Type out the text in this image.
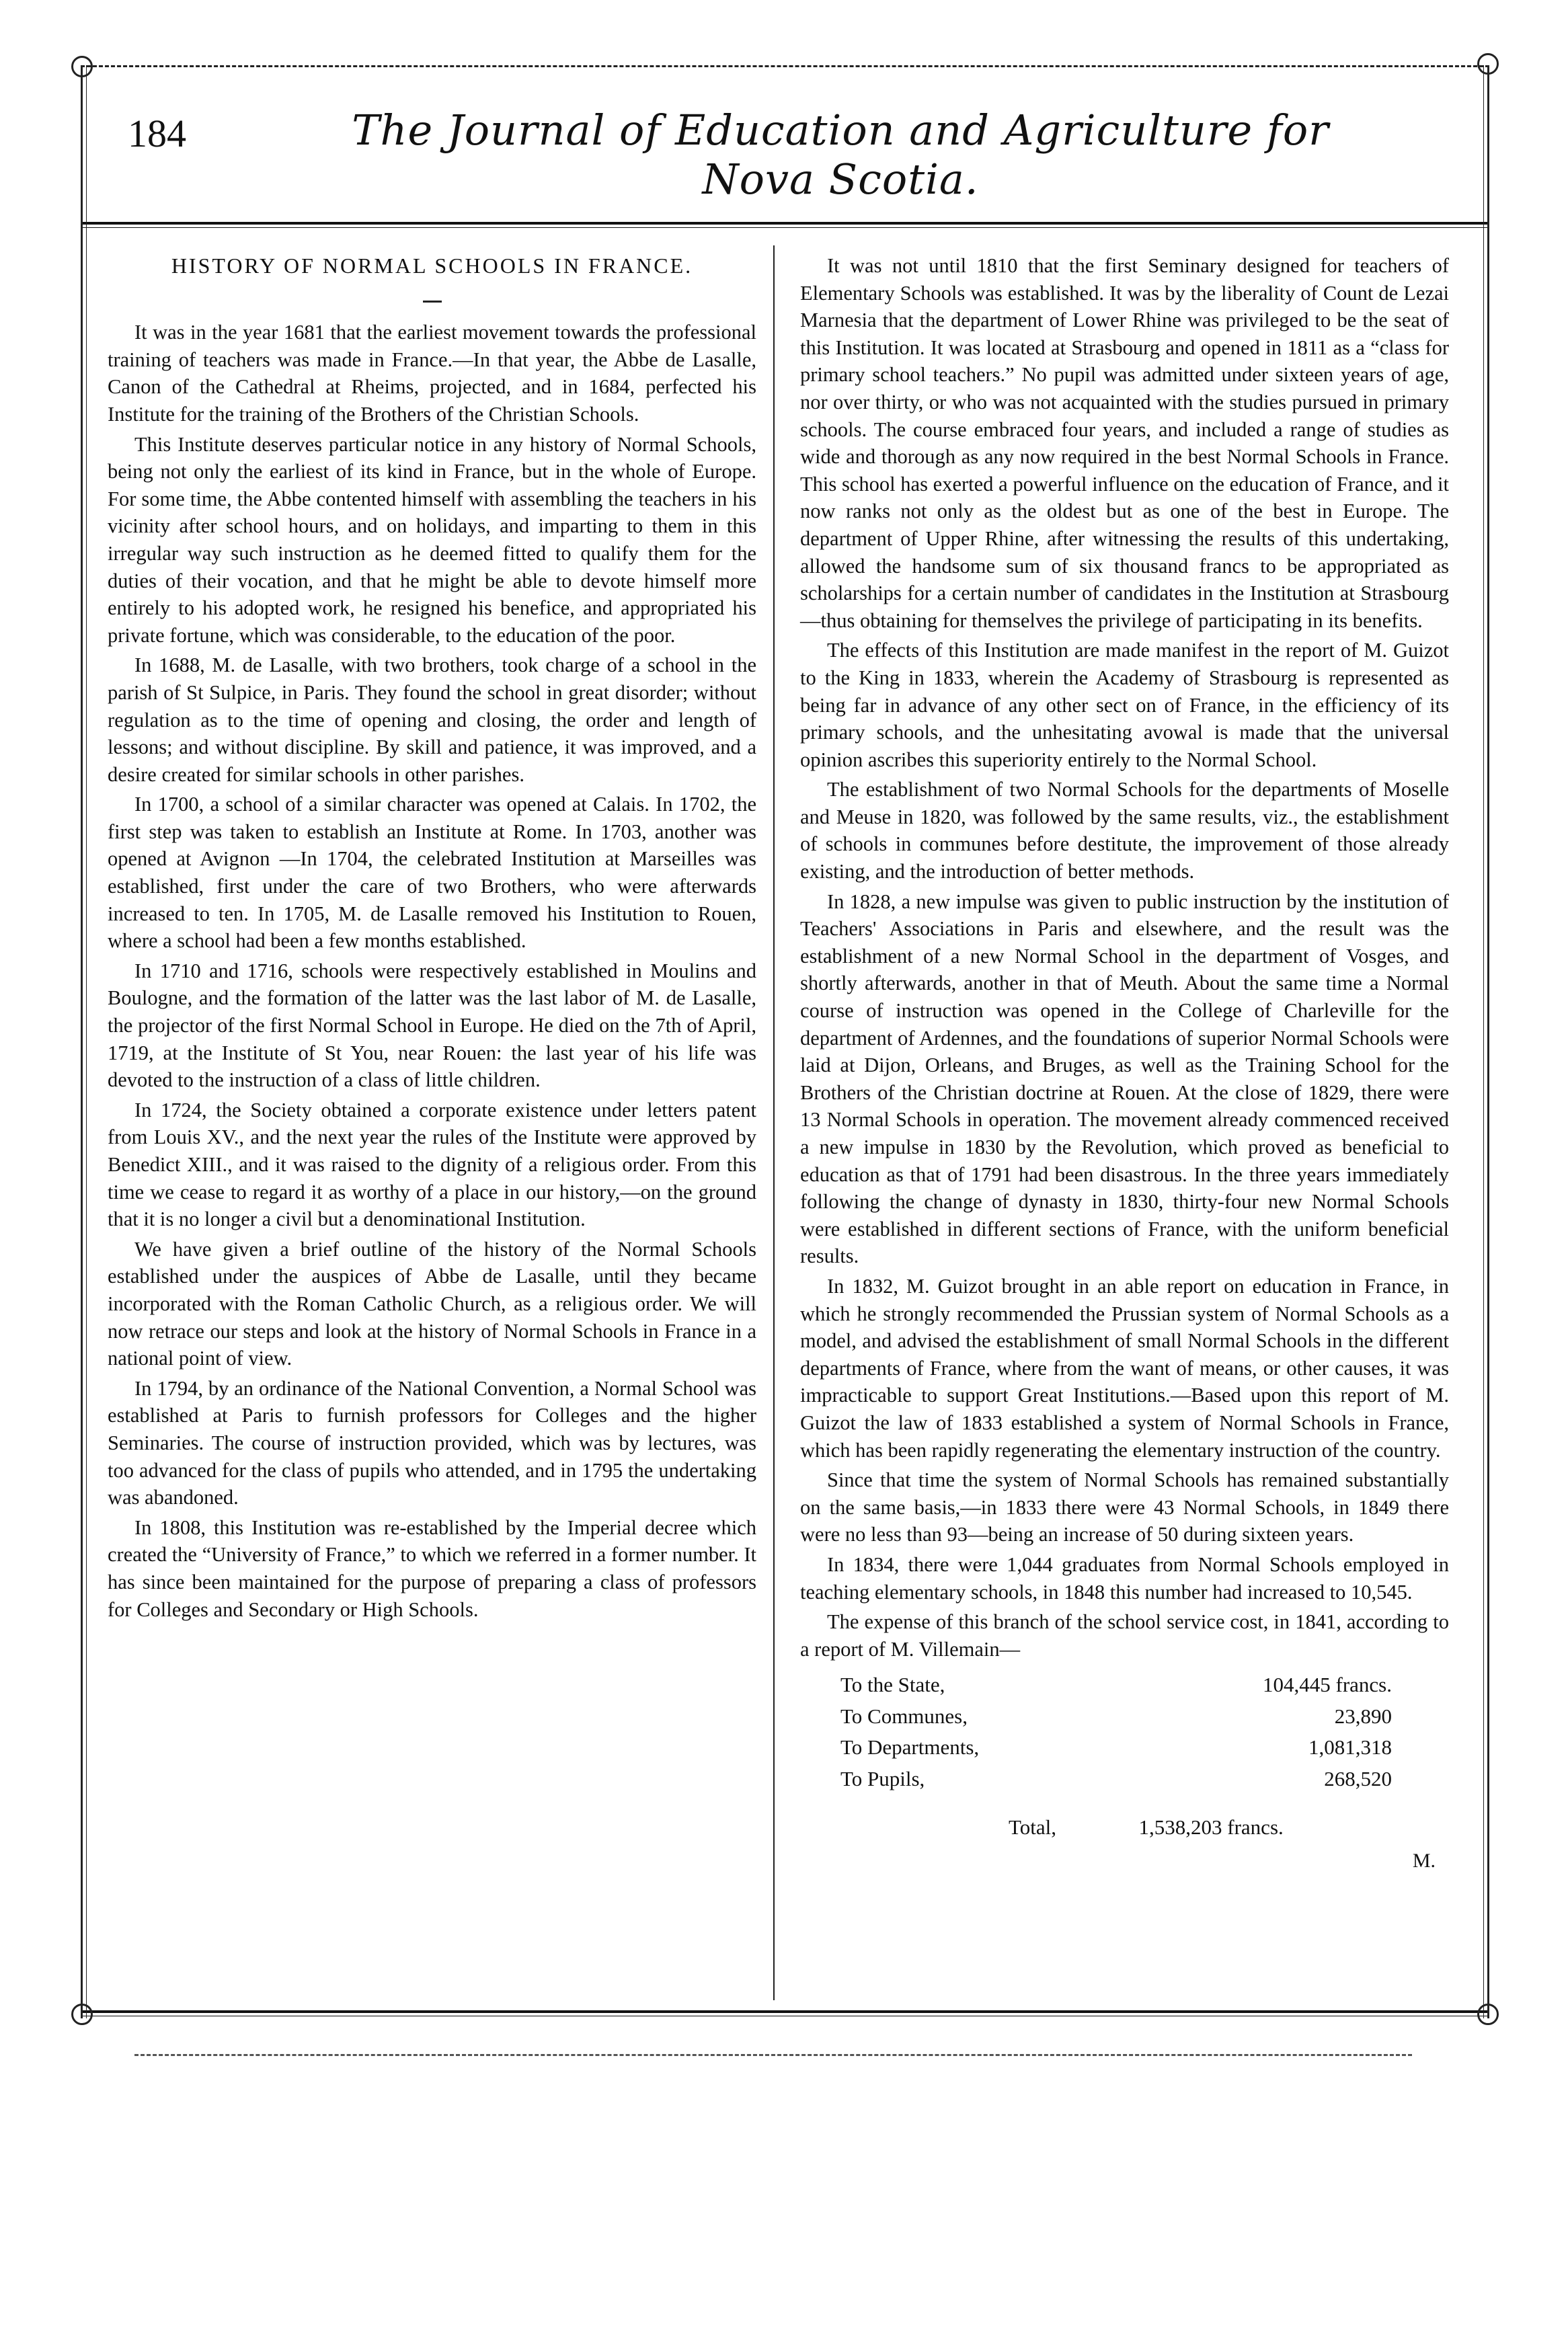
184	The Journal of Education and Agriculture for Nova Scotia.
HISTORY OF NORMAL SCHOOLS IN FRANCE.

It was in the year 1681 that the earliest movement towards the professional training of teachers was made in France.—In that year, the Abbe de Lasalle, Canon of the Cathedral at Rheims, projected, and in 1684, perfected his Institute for the training of the Brothers of the Christian Schools.

This Institute deserves particular notice in any history of Normal Schools, being not only the earliest of its kind in France, but in the whole of Europe. For some time, the Abbe contented himself with assembling the teachers in his vicinity after school hours, and on holidays, and imparting to them in this irregular way such instruction as he deemed fitted to qualify them for the duties of their vocation, and that he might be able to devote himself more entirely to his adopted work, he resigned his benefice, and appropriated his private fortune, which was considerable, to the education of the poor.

In 1688, M. de Lasalle, with two brothers, took charge of a school in the parish of St Sulpice, in Paris. They found the school in great disorder; without regulation as to the time of opening and closing, the order and length of lessons; and without discipline. By skill and patience, it was improved, and a desire created for similar schools in other parishes.

In 1700, a school of a similar character was opened at Calais. In 1702, the first step was taken to establish an Institute at Rome. In 1703, another was opened at Avignon —In 1704, the celebrated Institution at Marseilles was established, first under the care of two Brothers, who were afterwards increased to ten. In 1705, M. de Lasalle removed his Institution to Rouen, where a school had been a few months established.

In 1710 and 1716, schools were respectively established in Moulins and Boulogne, and the formation of the latter was the last labor of M. de Lasalle, the projector of the first Normal School in Europe. He died on the 7th of April, 1719, at the Institute of St You, near Rouen: the last year of his life was devoted to the instruction of a class of little children.

In 1724, the Society obtained a corporate existence under letters patent from Louis XV., and the next year the rules of the Institute were approved by Benedict XIII., and it was raised to the dignity of a religious order. From this time we cease to regard it as worthy of a place in our history,—on the ground that it is no longer a civil but a denominational Institution.

We have given a brief outline of the history of the Normal Schools established under the auspices of Abbe de Lasalle, until they became incorporated with the Roman Catholic Church, as a religious order. We will now retrace our steps and look at the history of Normal Schools in France in a national point of view.

In 1794, by an ordinance of the National Convention, a Normal School was established at Paris to furnish professors for Colleges and the higher Seminaries. The course of instruction provided, which was by lectures, was too advanced for the class of pupils who attended, and in 1795 the undertaking was abandoned.

In 1808, this Institution was re-established by the Imperial decree which created the “University of France,” to which we referred in a former number. It has since been maintained for the purpose of preparing a class of professors for Colleges and Secondary or High Schools.

It was not until 1810 that the first Seminary designed for teachers of Elementary Schools was established. It was by the liberality of Count de Lezai Marnesia that the department of Lower Rhine was privileged to be the seat of this Institution. It was located at Strasbourg and opened in 1811 as a “class for primary school teachers.” No pupil was admitted under sixteen years of age, nor over thirty, or who was not acquainted with the studies pursued in primary schools. The course embraced four years, and included a range of studies as wide and thorough as any now required in the best Normal Schools in France. This school has exerted a powerful influence on the education of France, and it now ranks not only as the oldest but as one of the best in Europe. The department of Upper Rhine, after witnessing the results of this undertaking, allowed the handsome sum of six thousand francs to be appropriated as scholarships for a certain number of candidates in the Institution at Strasbourg—thus obtaining for themselves the privilege of participating in its benefits.

The effects of this Institution are made manifest in the report of M. Guizot to the King in 1833, wherein the Academy of Strasbourg is represented as being far in advance of any other sect on of France, in the efficiency of its primary schools, and the unhesitating avowal is made that the universal opinion ascribes this superiority entirely to the Normal School.

The establishment of two Normal Schools for the departments of Moselle and Meuse in 1820, was followed by the same results, viz., the establishment of schools in communes before destitute, the improvement of those already existing, and the introduction of better methods.

In 1828, a new impulse was given to public instruction by the institution of Teachers' Associations in Paris and elsewhere, and the result was the establishment of a new Normal School in the department of Vosges, and shortly afterwards, another in that of Meuth. About the same time a Normal course of instruction was opened in the College of Charleville for the department of Ardennes, and the foundations of superior Normal Schools were laid at Dijon, Orleans, and Bruges, as well as the Training School for the Brothers of the Christian doctrine at Rouen. At the close of 1829, there were 13 Normal Schools in operation. The movement already commenced received a new impulse in 1830 by the Revolution, which proved as beneficial to education as that of 1791 had been disastrous. In the three years immediately following the change of dynasty in 1830, thirty-four new Normal Schools were established in different sections of France, with the uniform beneficial results.

In 1832, M. Guizot brought in an able report on education in France, in which he strongly recommended the Prussian system of Normal Schools as a model, and advised the establishment of small Normal Schools in the different departments of France, where from the want of means, or other causes, it was impracticable to support Great Institutions.—Based upon this report of M. Guizot the law of 1833 established a system of Normal Schools in France, which has been rapidly regenerating the elementary instruction of the country.

Since that time the system of Normal Schools has remained substantially on the same basis,—in 1833 there were 43 Normal Schools, in 1849 there were no less than 93—being an increase of 50 during sixteen years.

In 1834, there were 1,044 graduates from Normal Schools employed in teaching elementary schools, in 1848 this number had increased to 10,545.

The expense of this branch of the school service cost, in 1841, according to a report of M. Villemain—

To the State,	104,445 francs.
To Communes,	23,890
To Departments,	1,081,318
To Pupils,	268,520
Total,	1,538,203 francs.
M.
